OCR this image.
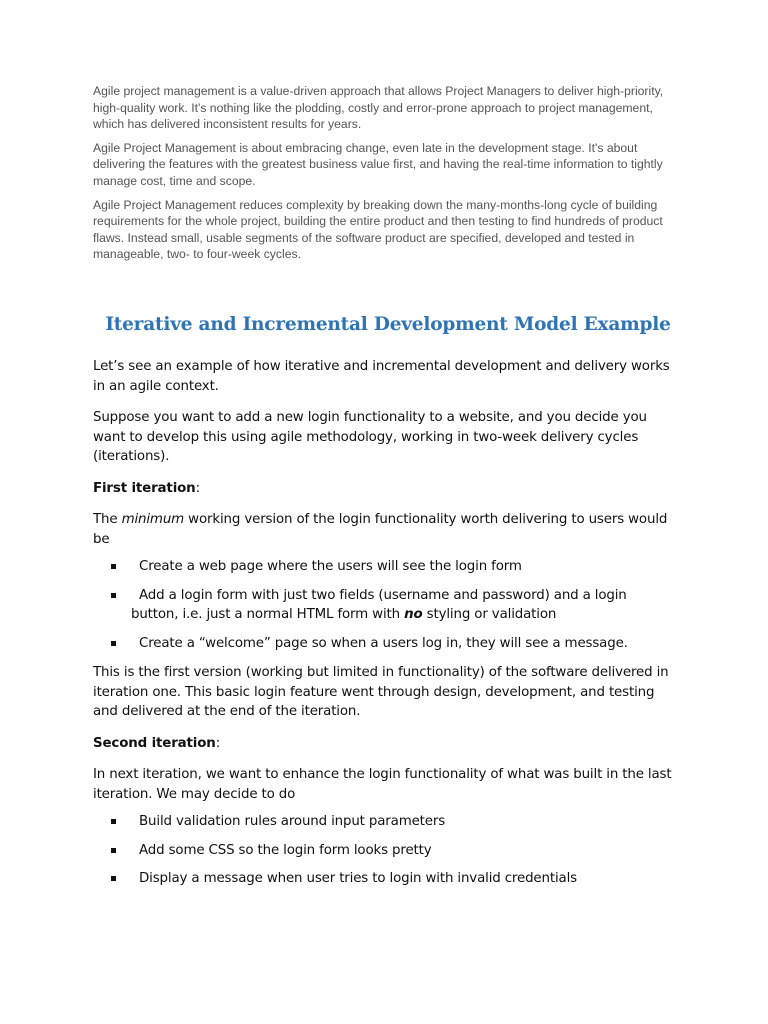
Agile project management is a value-driven approach that allows Project Managers to deliver high-priority, high-quality work. It's nothing like the plodding, costly and error-prone approach to project management, which has delivered inconsistent results for years.

Agile Project Management is about embracing change, even late in the development stage. It's about delivering the features with the greatest business value first, and having the real-time information to tightly manage cost, time and scope.

Agile Project Management reduces complexity by breaking down the many-months-long cycle of building requirements for the whole project, building the entire product and then testing to find hundreds of product flaws. Instead small, usable segments of the software product are specified, developed and tested in manageable, two- to four-week cycles.

Iterative and Incremental Development Model Example

Let’s see an example of how iterative and incremental development and delivery works in an agile context.

Suppose you want to add a new login functionality to a website, and you decide you want to develop this using agile methodology, working in two-week delivery cycles (iterations).

First iteration:

The minimum working version of the login functionality worth delivering to users would be

Create a web page where the users will see the login form
Add a login form with just two fields (username and password) and a login
button, i.e. just a normal HTML form with no styling or validation
Create a “welcome” page so when a users log in, they will see a message.

This is the first version (working but limited in functionality) of the software delivered in iteration one. This basic login feature went through design, development, and testing and delivered at the end of the iteration.

Second iteration:

In next iteration, we want to enhance the login functionality of what was built in the last iteration. We may decide to do

Build validation rules around input parameters
Add some CSS so the login form looks pretty
Display a message when user tries to login with invalid credentials
